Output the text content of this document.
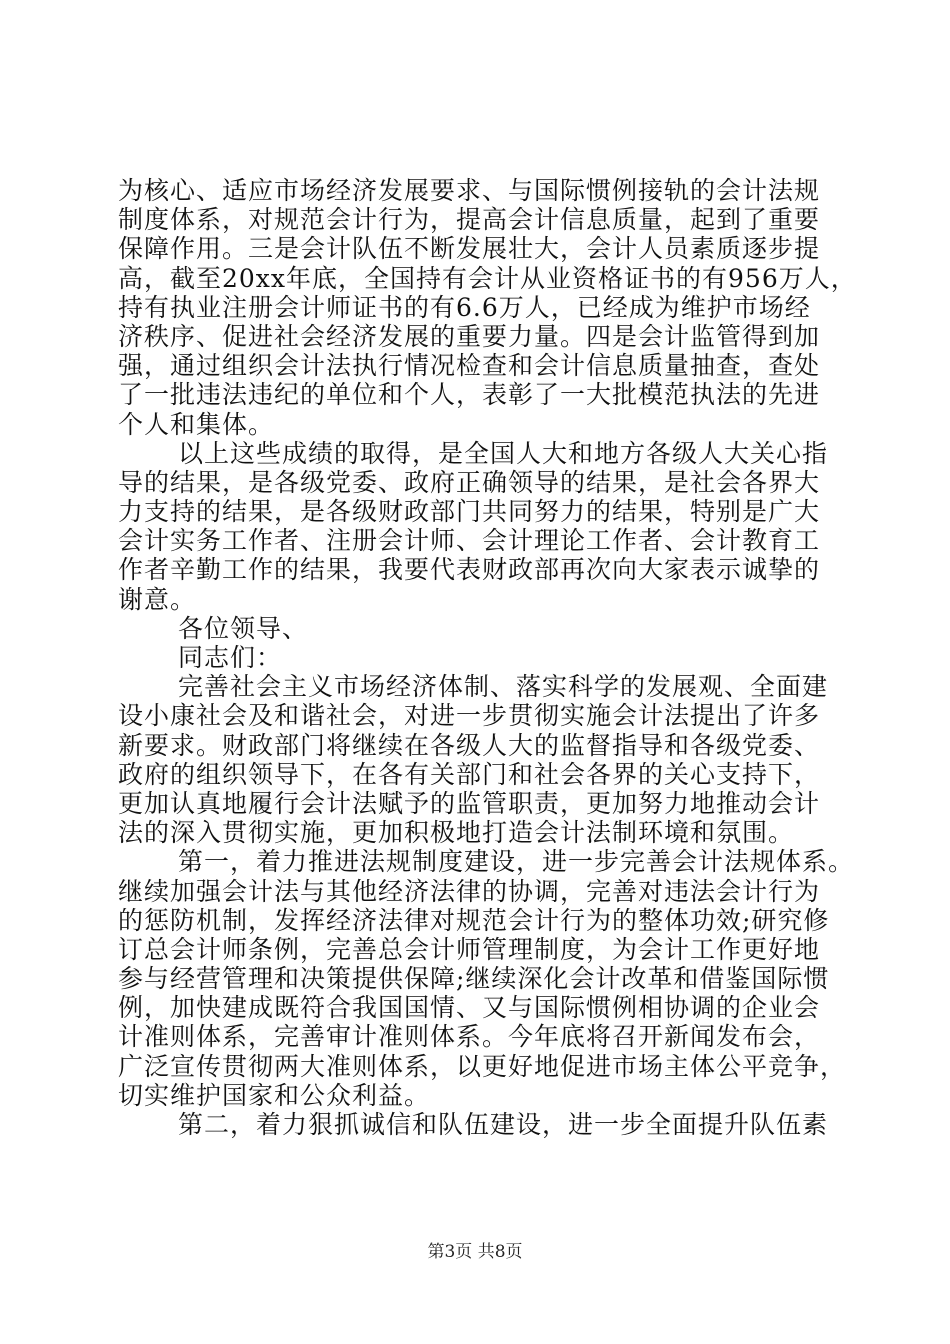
为核心、适应市场经济发展要求、与国际惯例接轨的会计法规
制度体系，对规范会计行为，提高会计信息质量，起到了重要
保障作用。三是会计队伍不断发展壮大，会计人员素质逐步提
高，截至20xx年底，全国持有会计从业资格证书的有956万人，
持有执业注册会计师证书的有6.6万人，已经成为维护市场经
济秩序、促进社会经济发展的重要力量。四是会计监管得到加
强，通过组织会计法执行情况检查和会计信息质量抽查，查处
了一批违法违纪的单位和个人，表彰了一大批模范执法的先进
个人和集体。
以上这些成绩的取得，是全国人大和地方各级人大关心指
导的结果，是各级党委、政府正确领导的结果，是社会各界大
力支持的结果，是各级财政部门共同努力的结果，特别是广大
会计实务工作者、注册会计师、会计理论工作者、会计教育工
作者辛勤工作的结果，我要代表财政部再次向大家表示诚挚的
谢意。
各位领导、
同志们：
完善社会主义市场经济体制、落实科学的发展观、全面建
设小康社会及和谐社会，对进一步贯彻实施会计法提出了许多
新要求。财政部门将继续在各级人大的监督指导和各级党委、
政府的组织领导下，在各有关部门和社会各界的关心支持下，
更加认真地履行会计法赋予的监管职责，更加努力地推动会计
法的深入贯彻实施，更加积极地打造会计法制环境和氛围。
第一，着力推进法规制度建设，进一步完善会计法规体系。
继续加强会计法与其他经济法律的协调，完善对违法会计行为
的惩防机制，发挥经济法律对规范会计行为的整体功效;研究修
订总会计师条例，完善总会计师管理制度，为会计工作更好地
参与经营管理和决策提供保障;继续深化会计改革和借鉴国际惯
例，加快建成既符合我国国情、又与国际惯例相协调的企业会
计准则体系，完善审计准则体系。今年底将召开新闻发布会，
广泛宣传贯彻两大准则体系，以更好地促进市场主体公平竞争，
切实维护国家和公众利益。
第二，着力狠抓诚信和队伍建设，进一步全面提升队伍素
第3页 共8页
